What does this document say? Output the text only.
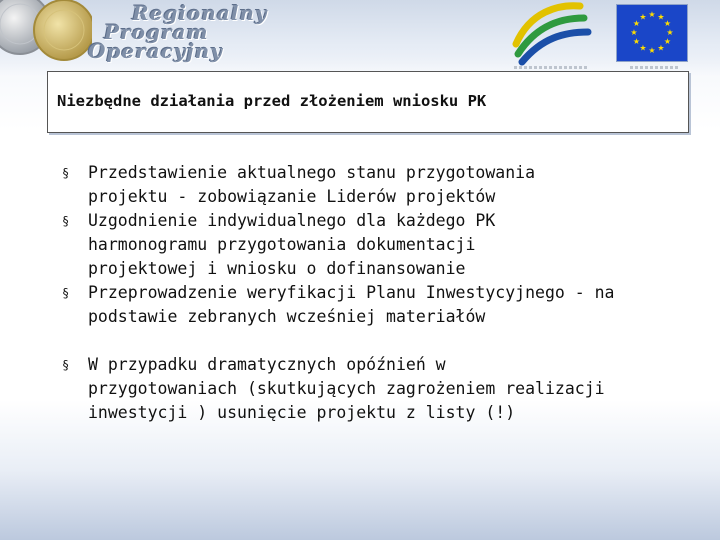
Regionalny
Program
Operacyjny
★ ★
★
★
★
★
★
★
★
★
★
★
Niezbędne działania przed złożeniem wniosku PK
§ Przedstawienie aktualnego stanu przygotowania
projektu - zobowiązanie Liderów projektów
§ Uzgodnienie indywidualnego dla każdego PK
harmonogramu przygotowania dokumentacji
projektowej i wniosku o dofinansowanie
§ Przeprowadzenie weryfikacji Planu Inwestycyjnego - na
podstawie zebranych wcześniej materiałów
§ W przypadku dramatycznych opóźnień w
przygotowaniach (skutkujących zagrożeniem realizacji
inwestycji ) usunięcie projektu z listy (!)
